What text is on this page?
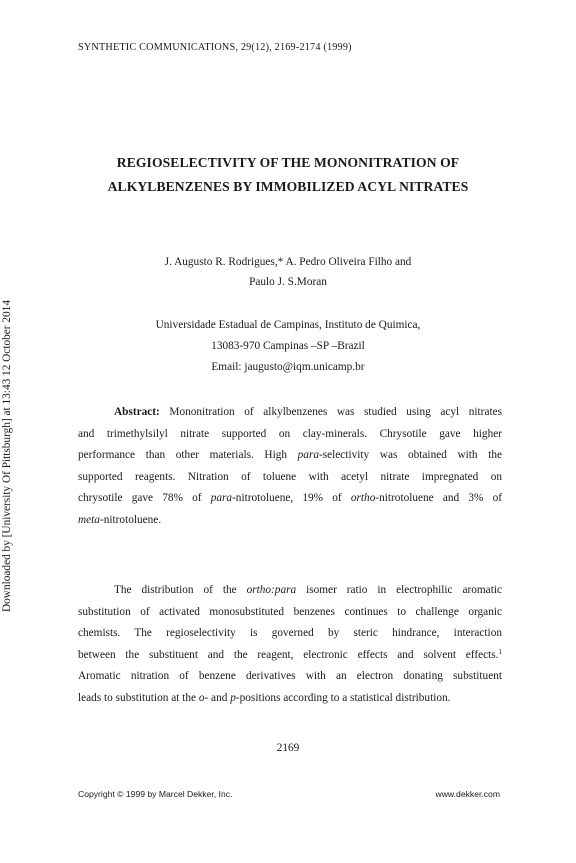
SYNTHETIC COMMUNICATIONS, 29(12), 2169-2174 (1999)
REGIOSELECTIVITY OF THE MONONITRATION OF
ALKYLBENZENES BY IMMOBILIZED ACYL NITRATES
J. Augusto R. Rodrigues,* A. Pedro Oliveira Filho and
Paulo J. S.Moran
Universidade Estadual de Campinas, Instituto de Quimica,
13083-970 Campinas –SP –Brazil
Email: jaugusto@iqm.unicamp.br
Abstract: Mononitration of alkylbenzenes was studied using acyl nitrates
and trimethylsilyl nitrate supported on clay-minerals. Chrysotile gave higher
performance than other materials. High para-selectivity was obtained with the
supported reagents. Nitration of toluene with acetyl nitrate impregnated on
chrysotile gave 78% of para-nitrotoluene, 19% of ortho-nitrotoluene and 3% of
meta-nitrotoluene.
The distribution of the ortho:para isomer ratio in electrophilic aromatic
substitution of activated monosubstituted benzenes continues to challenge organic
chemists. The regioselectivity is governed by steric hindrance, interaction
between the substituent and the reagent, electronic effects and solvent effects.$^1$
Aromatic nitration of benzene derivatives with an electron donating substituent
leads to substitution at the o- and p-positions according to a statistical distribution.
Downloaded by [University Of Pittsburgh] at 13:43 12 October 2014
2169
Copyright © 1999 by Marcel Dekker, Inc.	www.dekker.com
